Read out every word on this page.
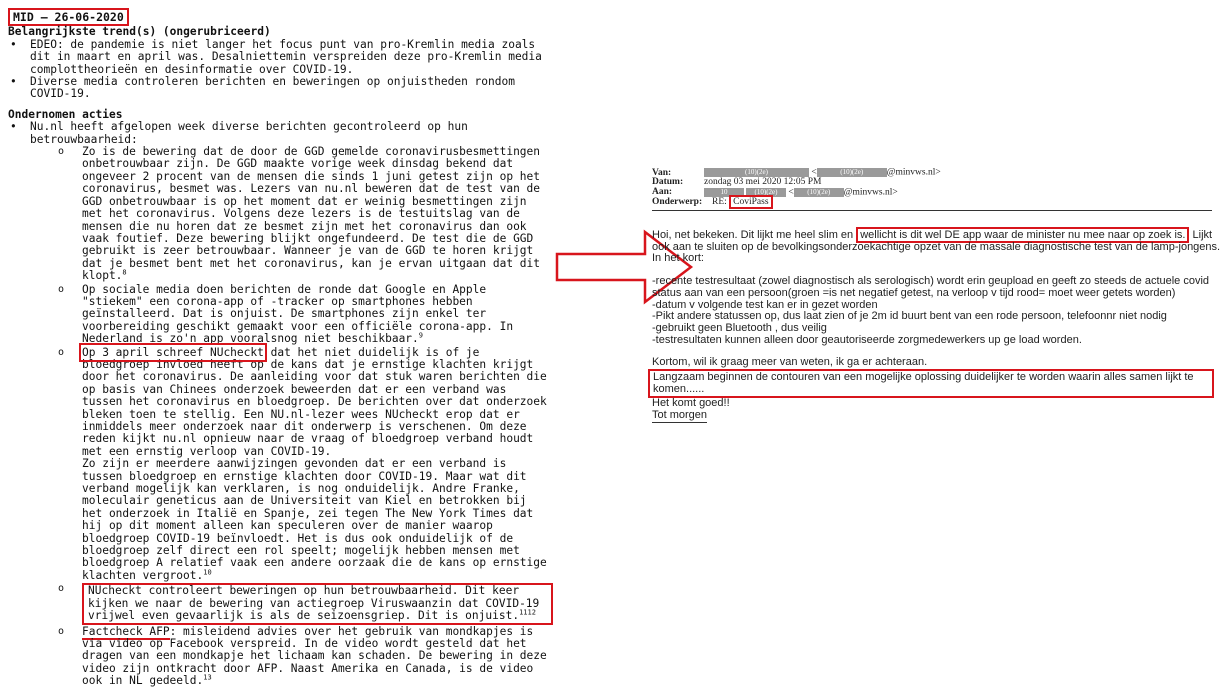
MID – 26-06-2020
Belangrijkste trend(s) (ongerubriceerd)
• EDEO: de pandemie is niet langer het focus punt van pro-Kremlin media zoals dit in maart en april was. Desalniettemin verspreiden deze pro-Kremlin media complottheorieën en desinformatie over COVID-19.
• Diverse media controleren berichten en beweringen op onjuistheden rondom COVID-19.
Ondernomen acties
• Nu.nl heeft afgelopen week diverse berichten gecontroleerd op hun betrouwbaarheid:
o Zo is de bewering dat de door de GGD gemelde coronavirusbesmettingen onbetrouwbaar zijn. De GGD maakte vorige week dinsdag bekend dat ongeveer 2 procent van de mensen die sinds 1 juni getest zijn op het coronavirus, besmet was. Lezers van nu.nl beweren dat de test van de GGD onbetrouwbaar is op het moment dat er weinig besmettingen zijn met het coronavirus. Volgens deze lezers is de testuitslag van de mensen die nu horen dat ze besmet zijn met het coronavirus dan ook vaak foutief. Deze bewering blijkt ongefundeerd. De test die de GGD gebruikt is zeer betrouwbaar. Wanneer je van de GGD te horen krijgt dat je besmet bent met het coronavirus, kan je ervan uitgaan dat dit klopt.$^8$
o Op sociale media doen berichten de ronde dat Google en Apple "stiekem" een corona-app of -tracker op smartphones hebben geïnstalleerd. Dat is onjuist. De smartphones zijn enkel ter voorbereiding geschikt gemaakt voor een officiële corona-app. In Nederland is zo'n app vooralsnog niet beschikbaar.$^9$
o Op 3 april schreef NUcheckt dat het niet duidelijk is of je bloedgroep invloed heeft op de kans dat je ernstige klachten krijgt door het coronavirus. De aanleiding voor dat stuk waren berichten die op basis van Chinees onderzoek beweerden dat er een verband was tussen het coronavirus en bloedgroep. De berichten over dat onderzoek bleken toen te stellig. Een NU.nl-lezer wees NUcheckt erop dat er inmiddels meer onderzoek naar dit onderwerp is verschenen. Om deze reden kijkt nu.nl opnieuw naar de vraag of bloedgroep verband houdt met een ernstig verloop van COVID-19.
Zo zijn er meerdere aanwijzingen gevonden dat er een verband is tussen bloedgroep en ernstige klachten door COVID-19. Maar wat dit verband mogelijk kan verklaren, is nog onduidelijk. Andre Franke, moleculair geneticus aan de Universiteit van Kiel en betrokken bij het onderzoek in Italië en Spanje, zei tegen The New York Times dat hij op dit moment alleen kan speculeren over de manier waarop bloedgroep COVID-19 beïnvloedt. Het is dus ook onduidelijk of de bloedgroep zelf direct een rol speelt; mogelijk hebben mensen met bloedgroep A relatief vaak een andere oorzaak die de kans op ernstige klachten vergroot.$^{10}$
o NUcheckt controleert beweringen op hun betrouwbaarheid. Dit keer kijken we naar de bewering van actiegroep Viruswaanzin dat COVID-19 vrijwel even gevaarlijk is als de seizoensgriep. Dit is onjuist.$^{1112}$
o Factcheck AFP: misleidend advies over het gebruik van mondkapjes is via video op Facebook verspreid. In de video wordt gesteld dat het dragen van een mondkapje het lichaam kan schaden. De bewering in deze video zijn ontkracht door AFP. Naast Amerika en Canada, is de video ook in NL gedeeld.$^{13}$
Van:	(10)(2e)	<	(10)(2e) @minvws.nl>
Datum: zondag 03 mei 2020 12:05 PM
Aan:	10	(10)(2e) < (10)(2e) @minvws.nl>
Onderwerp: RE: CoviPass

Hoi, net bekeken. Dit lijkt me heel slim en wellicht is dit wel DE app waar de minister nu mee naar op zoek is. Lijkt ook aan te sluiten op de bevolkingsonderzoekachtige opzet van de massale diagnostische test van de lamp-jongens. In het kort:

-recente testresultaat (zowel diagnostisch als serologisch) wordt erin geupload en geeft zo steeds de actuele covid status aan van een persoon(groen =is net negatief getest, na verloop v tijd rood= moet weer getets worden)

-datum v volgende test kan er in gezet worden

-Pikt andere statussen op, dus laat zien of je 2m id buurt bent van een rode persoon, telefoonnr niet nodig

-gebruikt geen Bluetooth , dus veilig

-testresultaten kunnen alleen door geautoriseerde zorgmedewerkers up ge load worden.

Kortom, wil ik graag meer van weten, ik ga er achteraan.

Langzaam beginnen de contouren van een mogelijke oplossing duidelijker te worden waarin alles samen lijkt te komen......

Het komt goed!!

Tot morgen
